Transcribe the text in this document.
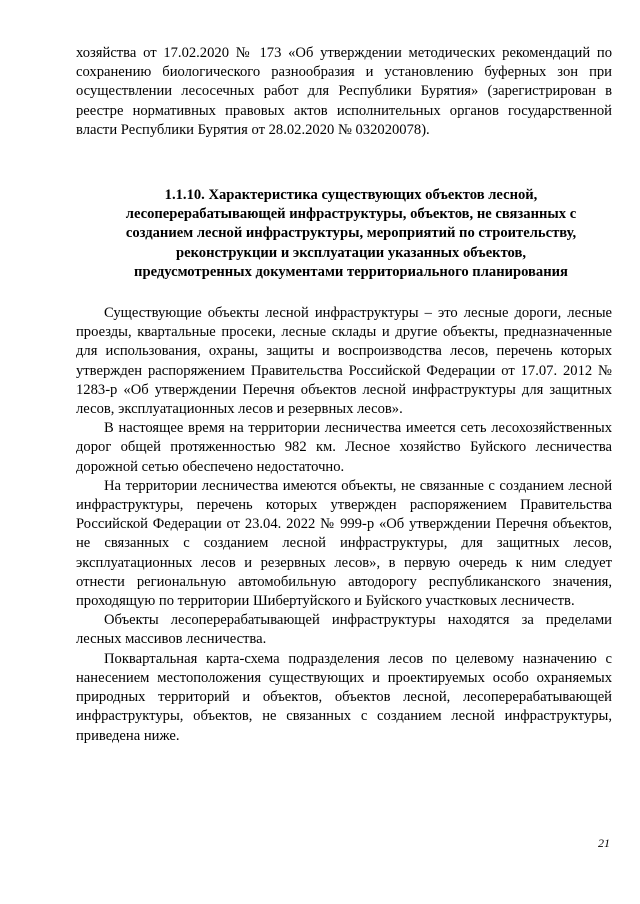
хозяйства от 17.02.2020 № 173 «Об утверждении методических рекомендаций по сохранению биологического разнообразия и установлению буферных зон при осуществлении лесосечных работ для Республики Бурятия» (зарегистрирован в реестре нормативных правовых актов исполнительных органов государственной власти Республики Бурятия от 28.02.2020 № 032020078).

1.1.10. Характеристика существующих объектов лесной, лесоперерабатывающей инфраструктуры, объектов, не связанных с созданием лесной инфраструктуры, мероприятий по строительству, реконструкции и эксплуатации указанных объектов, предусмотренных документами территориального планирования

Существующие объекты лесной инфраструктуры – это лесные дороги, лесные проезды, квартальные просеки, лесные склады и другие объекты, предназначенные для использования, охраны, защиты и воспроизводства лесов, перечень которых утвержден распоряжением Правительства Российской Федерации от 17.07. 2012 № 1283-р «Об утверждении Перечня объектов лесной инфраструктуры для защитных лесов, эксплуатационных лесов и резервных лесов».

В настоящее время на территории лесничества имеется сеть лесохозяйственных дорог общей протяженностью 982 км. Лесное хозяйство Буйского лесничества дорожной сетью обеспечено недостаточно.

На территории лесничества имеются объекты, не связанные с созданием лесной инфраструктуры, перечень которых утвержден распоряжением Правительства Российской Федерации от 23.04. 2022 № 999-р «Об утверждении Перечня объектов, не связанных с созданием лесной инфраструктуры, для защитных лесов, эксплуатационных лесов и резервных лесов», в первую очередь к ним следует отнести региональную автомобильную автодорогу республиканского значения, проходящую по территории Шибертуйского и Буйского участковых лесничеств.

Объекты лесоперерабатывающей инфраструктуры находятся за пределами лесных массивов лесничества.

Поквартальная карта-схема подразделения лесов по целевому назначению с нанесением местоположения существующих и проектируемых особо охраняемых природных территорий и объектов, объектов лесной, лесоперерабатывающей инфраструктуры, объектов, не связанных с созданием лесной инфраструктуры, приведена ниже.

21
